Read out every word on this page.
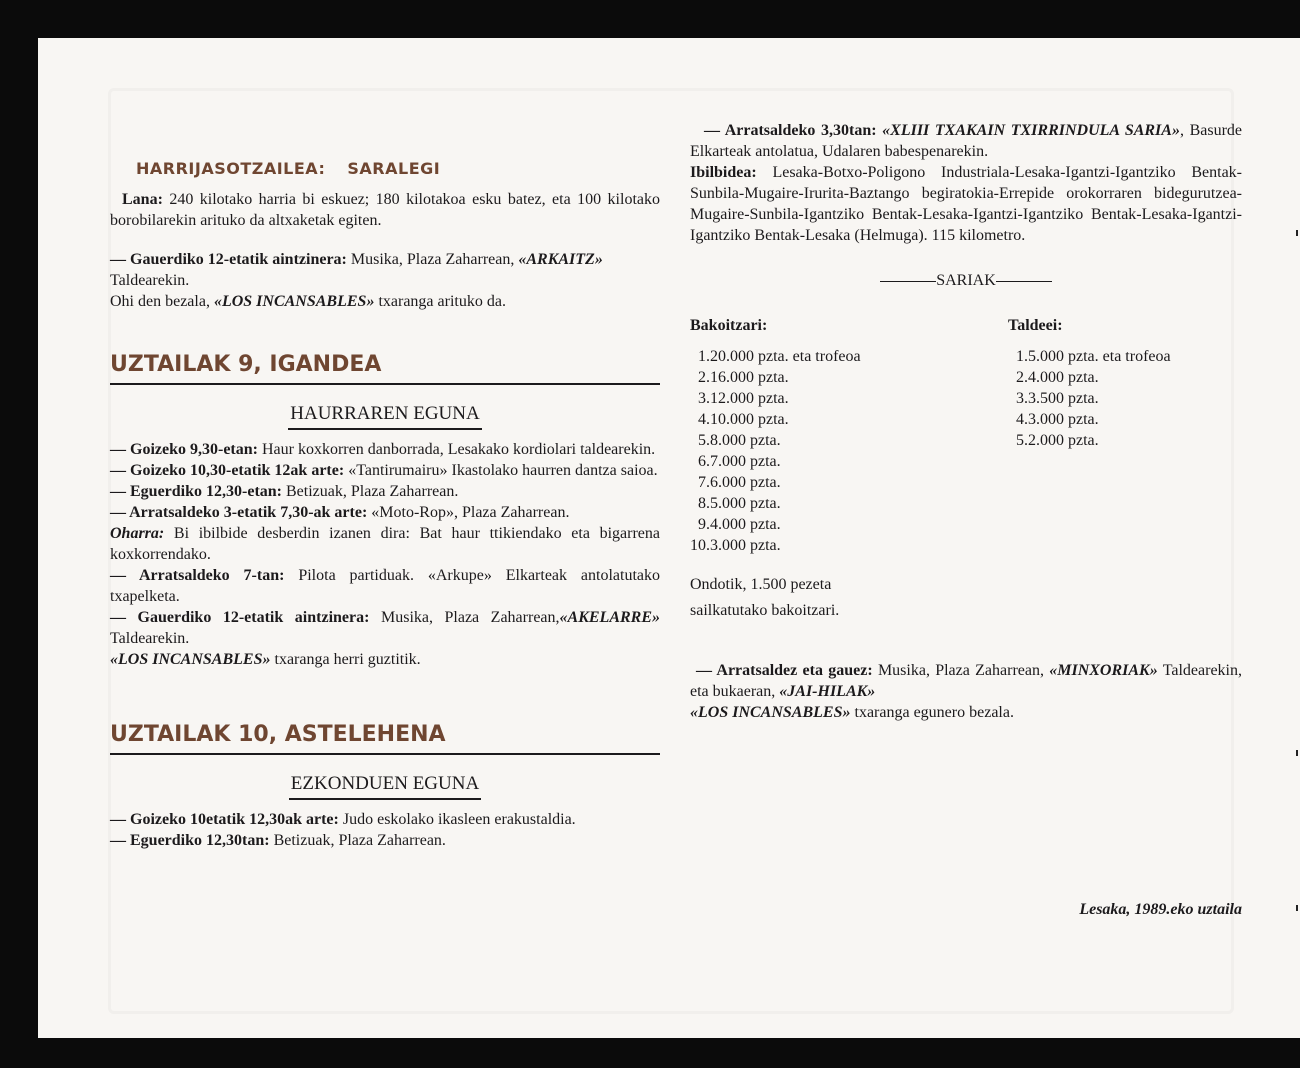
HARRIJASOTZAILEA: SARALEGI

Lana: 240 kilotako harria bi eskuez; 180 kilotakoa esku batez, eta 100 kilotako borobilarekin arituko da altxaketak egiten.

— Gauerdiko 12-etatik aintzinera: Musika, Plaza Zaharrean, «ARKAITZ» Taldearekin.
Ohi den bezala, «LOS INCANSABLES» txaranga arituko da.

UZTAILAK 9, IGANDEA
HAURRAREN EGUNA

— Goizeko 9,30-etan: Haur koxkorren danborrada, Lesakako kordiolari taldearekin.

— Goizeko 10,30-etatik 12ak arte: «Tantirumairu» Ikastolako haurren dantza saioa.

— Eguerdiko 12,30-etan: Betizuak, Plaza Zaharrean.

— Arratsaldeko 3-etatik 7,30-ak arte: «Moto-Rop», Plaza Zaharrean.

Oharra: Bi ibilbide desberdin izanen dira: Bat haur ttikiendako eta bigarrena koxkorrendako.

— Arratsaldeko 7-tan: Pilota partiduak. «Arkupe» Elkarteak antolatutako txapelketa.

— Gauerdiko 12-etatik aintzinera: Musika, Plaza Zaharrean,«AKELARRE» Taldearekin.

«LOS INCANSABLES» txaranga herri guztitik.

UZTAILAK 10, ASTELEHENA
EZKONDUEN EGUNA

— Goizeko 10etatik 12,30ak arte: Judo eskolako ikasleen erakustaldia.

— Eguerdiko 12,30tan: Betizuak, Plaza Zaharrean.

— Arratsaldeko 3,30tan: «XLIII TXAKAIN TXIRRINDULA SARIA», Basurde Elkarteak antolatua, Udalaren babespenarekin.

Ibilbidea: Lesaka-Botxo-Poligono Industriala-Lesaka-Igantzi-Igantziko Bentak-Sunbila-Mugaire-Irurita-Baztango begiratokia-Errepide orokorraren bidegurutzea-Mugaire-Sunbila-Igantziko Bentak-Lesaka-Igantzi-Igantziko Bentak-Lesaka-Igantzi-Igantziko Bentak-Lesaka (Helmuga). 115 kilometro.

SARIAK
Bakoitzari:
1.	20.000 pzta. eta trofeoa
2.	16.000 pzta.
3.	12.000 pzta.
4.	10.000 pzta.
5.	8.000 pzta.
6.	7.000 pzta.
7.	6.000 pzta.
8.	5.000 pzta.
9.	4.000 pzta.
10.	3.000 pzta.
Taldeei:
1.	5.000 pzta. eta trofeoa
2.	4.000 pzta.
3.	3.500 pzta.
4.	3.000 pzta.
5.	2.000 pzta.

Ondotik, 1.500 pezeta
sailkatutako bakoitzari.

— Arratsaldez eta gauez: Musika, Plaza Zaharrean, «MINXORIAK» Taldearekin, eta bukaeran, «JAI-HILAK»
«LOS INCANSABLES» txaranga egunero bezala.

Lesaka, 1989.eko uztaila
